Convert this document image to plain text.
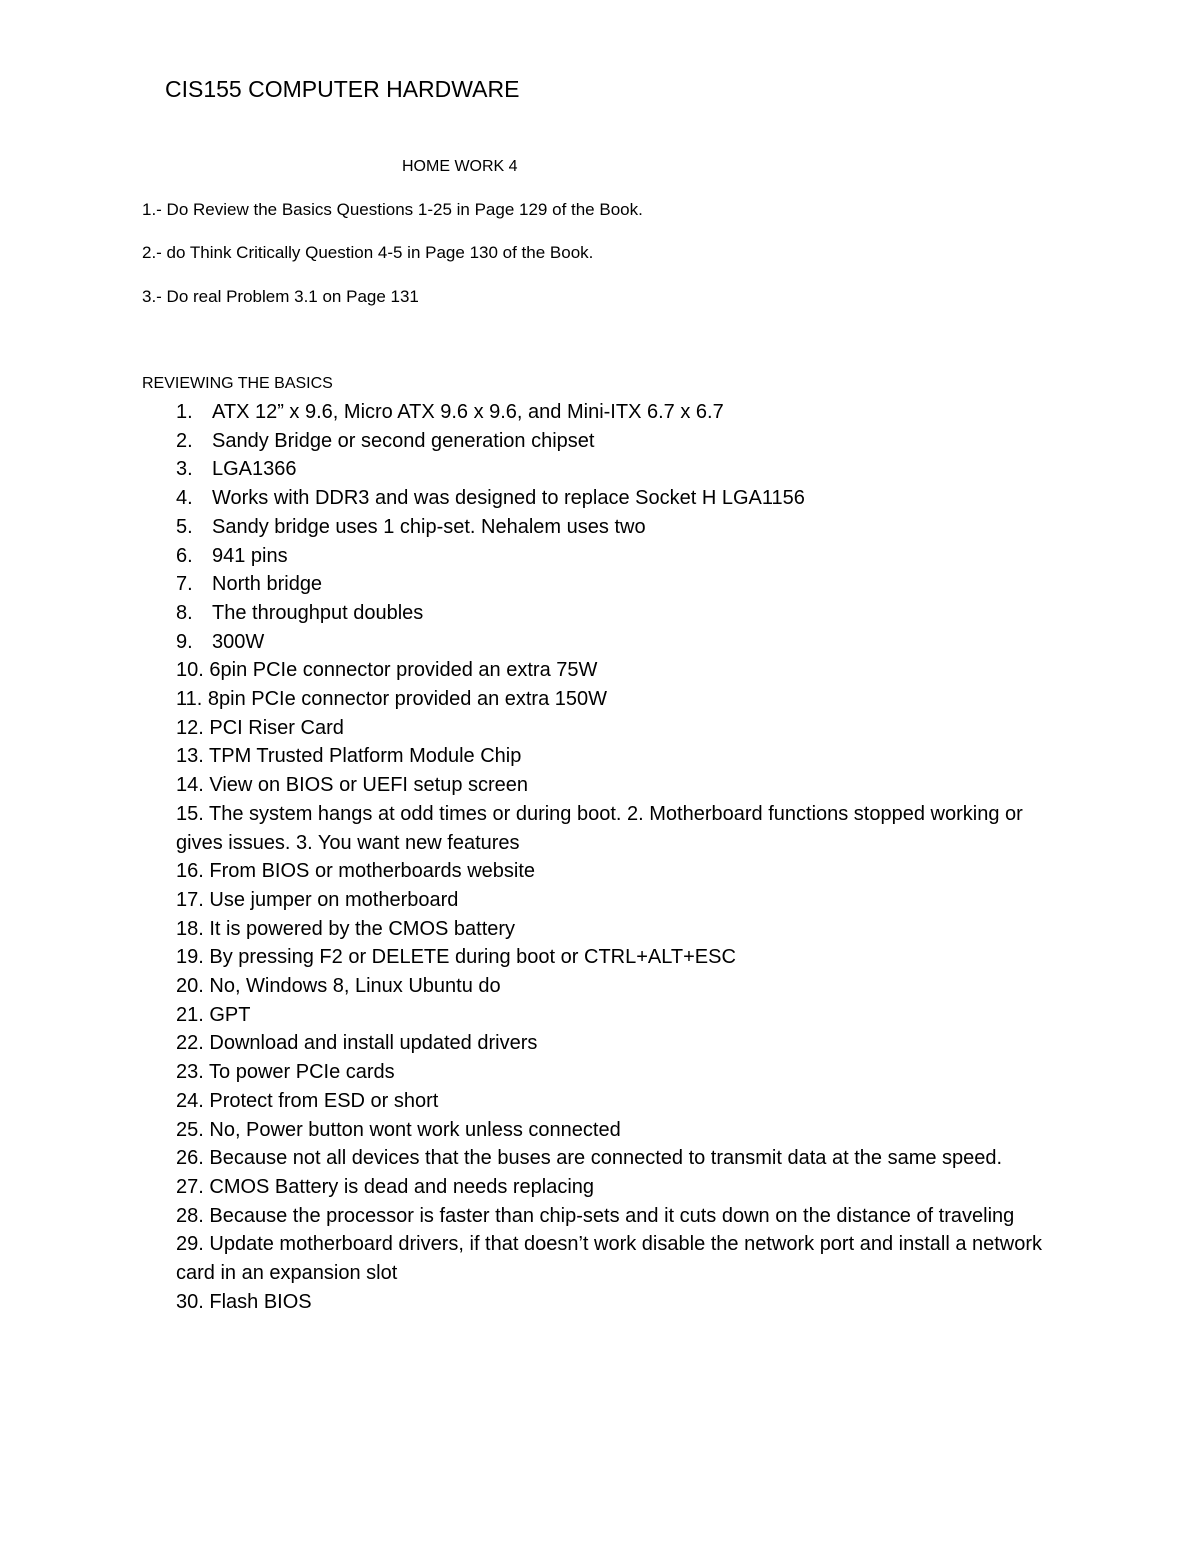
CIS155 COMPUTER HARDWARE
HOME WORK 4
1.- Do Review the Basics Questions 1-25 in Page 129 of the Book.
2.- do Think Critically Question 4-5 in Page 130 of the Book.
3.- Do real Problem 3.1 on Page 131
REVIEWING THE BASICS
1. ATX 12” x 9.6, Micro ATX 9.6 x 9.6, and Mini-ITX 6.7 x 6.7
2. Sandy Bridge or second generation chipset
3. LGA1366
4. Works with DDR3 and was designed to replace Socket H LGA1156
5. Sandy bridge uses 1 chip-set. Nehalem uses two
6. 941 pins
7. North bridge
8. The throughput doubles
9. 300W
10. 6pin PCIe connector provided an extra 75W
11. 8pin PCIe connector provided an extra 150W
12. PCI Riser Card
13. TPM Trusted Platform Module Chip
14. View on BIOS or UEFI setup screen
15. The system hangs at odd times or during boot. 2. Motherboard functions stopped working or gives issues. 3. You want new features
16. From BIOS or motherboards website
17. Use jumper on motherboard
18. It is powered by the CMOS battery
19. By pressing F2 or DELETE during boot or CTRL+ALT+ESC
20. No, Windows 8, Linux Ubuntu do
21. GPT
22. Download and install updated drivers
23. To power PCIe cards
24. Protect from ESD or short
25. No, Power button wont work unless connected
26. Because not all devices that the buses are connected to transmit data at the same speed.
27. CMOS Battery is dead and needs replacing
28. Because the processor is faster than chip-sets and it cuts down on the distance of traveling
29. Update motherboard drivers, if that doesn’t work disable the network port and install a network card in an expansion slot
30. Flash BIOS
